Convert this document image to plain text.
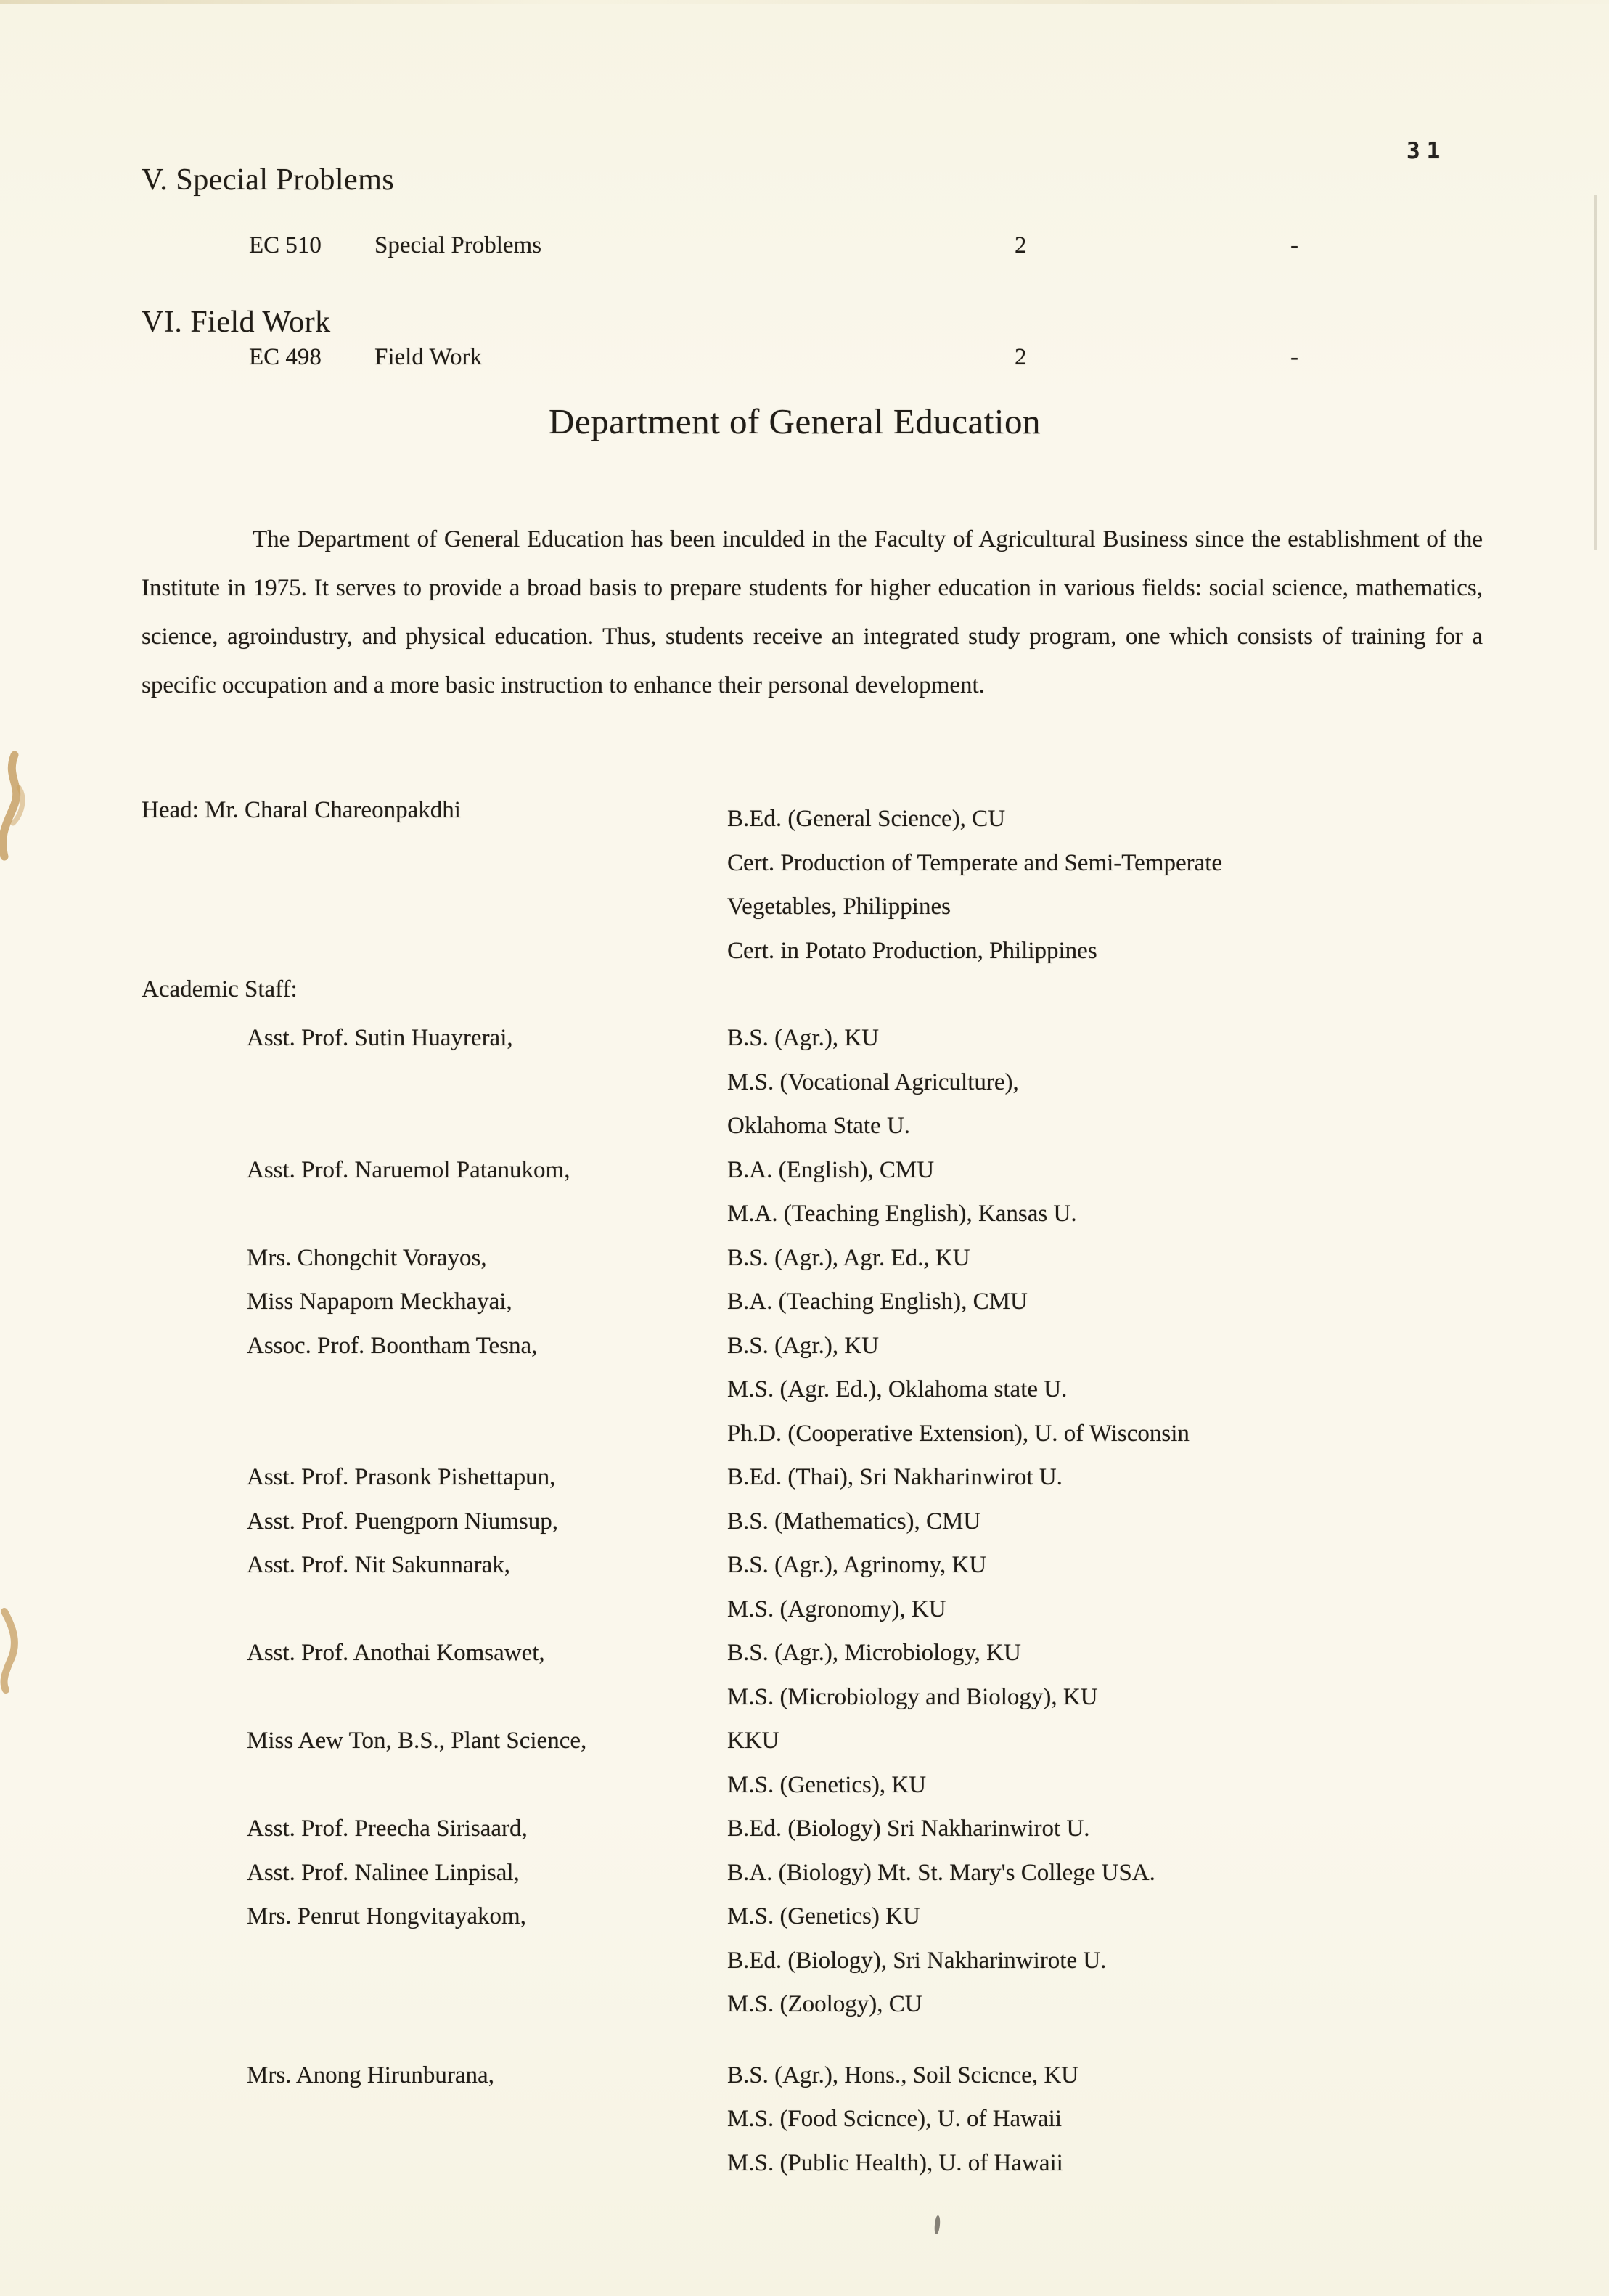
31
V. Special Problems
EC 510 Special Problems	2	-
VI. Field Work
EC 498 Field Work	2	-
Department of General Education
The Department of General Education has been inculded in the Faculty of Agricultural Business since the establishment of the Institute in 1975. It serves to provide a broad basis to prepare students for higher education in various fields: social science, mathematics, science, agroindustry, and physical education. Thus, students receive an integrated study program, one which consists of training for a specific occupation and a more basic instruction to enhance their personal development.
Head: Mr. Charal Chareonpakdhi	B.Ed. (General Science), CU
Cert. Production of Temperate and Semi-Temperate
Vegetables, Philippines
Cert. in Potato Production, Philippines
Academic Staff:
Asst. Prof. Sutin Huayrerai,	B.S. (Agr.), KU
M.S. (Vocational Agriculture),
Oklahoma State U.
Asst. Prof. Naruemol Patanukom,	B.A. (English), CMU
M.A. (Teaching English), Kansas U.
Mrs. Chongchit Vorayos,	B.S. (Agr.), Agr. Ed., KU
Miss Napaporn Meckhayai,	B.A. (Teaching English), CMU
Assoc. Prof. Boontham Tesna,	B.S. (Agr.), KU
M.S. (Agr. Ed.), Oklahoma state U.
Ph.D. (Cooperative Extension), U. of Wisconsin
Asst. Prof. Prasonk Pishettapun,	B.Ed. (Thai), Sri Nakharinwirot U.
Asst. Prof. Puengporn Niumsup,	B.S. (Mathematics), CMU
Asst. Prof. Nit Sakunnarak,	B.S. (Agr.), Agrinomy, KU
M.S. (Agronomy), KU
Asst. Prof. Anothai Komsawet,	B.S. (Agr.), Microbiology, KU
M.S. (Microbiology and Biology), KU
Miss Aew Ton, B.S., Plant Science,	KKU
M.S. (Genetics), KU
Asst. Prof. Preecha Sirisaard,	B.Ed. (Biology) Sri Nakharinwirot U.
Asst. Prof. Nalinee Linpisal,	B.A. (Biology) Mt. St. Mary's College USA.
Mrs. Penrut Hongvitayakom,	M.S. (Genetics) KU
B.Ed. (Biology), Sri Nakharinwirote U.
M.S. (Zoology), CU
Mrs. Anong Hirunburana,	B.S. (Agr.), Hons., Soil Scicnce, KU
M.S. (Food Scicnce), U. of Hawaii
M.S. (Public Health), U. of Hawaii
